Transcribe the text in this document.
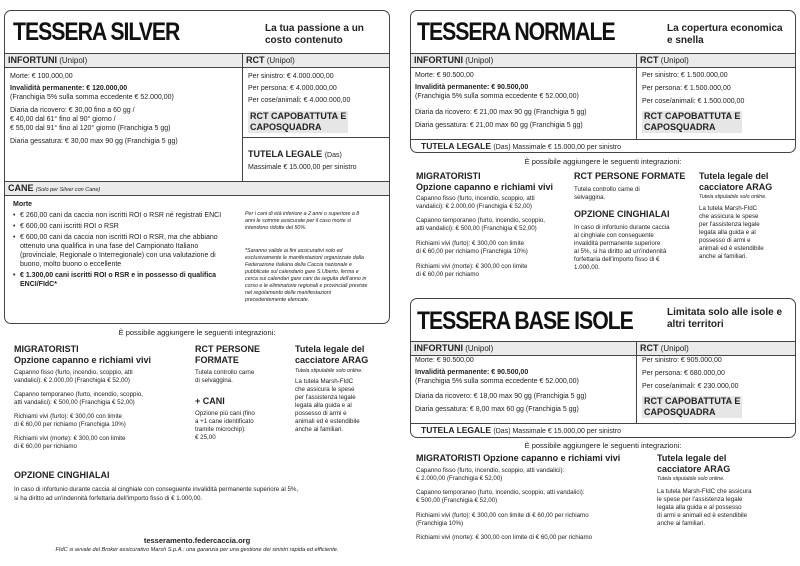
TESSERA SILVER	La tua passione a un costo contenuto
INFORTUNI (Unipol)	RCT (Unipol)
Morte: € 100.000,00
Invalidità permanente: € 120.000,00
(Franchigia 5% sulla somma eccedente € 52.000,00)
Diaria da ricovero: € 30,00 fino a 60 gg /
€ 40,00 dal 61° fino al 90° giorno /
€ 55,00 dal 91° fino al 120° giorno (Franchigia 5 gg)
Diaria gessatura: € 30,00 max 90 gg (Franchigia 5 gg)
Per sinistro: € 4.000.000,00
Per persona: € 4.000.000,00
Per cose/animali: € 4.000.000,00
RCT CAPOBATTUTA E
CAPOSQUADRA
TUTELA LEGALE (Das)
Massimale € 15.000,00 per sinistro
CANE (Solo per Silver con Cane)
Morte
• € 260,00 cani da caccia non iscritti ROI o RSR né registrati ENCI
• € 600,00 cani iscritti ROI o RSR
• € 600,00 cani da caccia non iscritti ROI o RSR, ma che abbiano ottenuto una qualifica in una fase del Campionato Italiano (provinciale, Regionale o Interregionale) con una valutazione di buono, molto buono o eccellente
• € 1.300,00 cani iscritti ROI o RSR e in possesso di qualifica ENCI/FIdC*
Per i cani di età inferiore a 2 anni o superiore a 8 anni le somme assicurate per il caso morte si intendono ridotte del 50%.
*Saranno valide ai fini assicurativi solo ed esclusivamente le manifestazioni organizzate dalla Federazione Italiana della Caccia nazionale e pubblicate sul calendario gare S.Uberto, ferma e cerca sui calendari gare cani da seguita dell'anno in corso e le eliminatorie regionali e provinciali previste nel regolamento delle manifestazioni precedentemente elencate.
È possibile aggiungere le seguenti integrazioni:
MIGRATORISTI
Opzione capanno e richiami vivi
Capanno fisso (furto, incendio, scoppio, atti
vandalici): € 2.000,00 (Franchigia € 52,00)
Capanno temporaneo (furto, incendio, scoppio,
atti vandalici): € 500,00 (Franchigia € 52,00)
Richiami vivi (furto): € 300,00 con limite
di € 60,00 per richiamo (Franchigia 10%)
Richiami vivi (morte): € 300,00 con limite
di € 60,00 per richiamo
RCT PERSONE
FORMATE
Tutela controllo carne
di selvaggina.
+ CANI
Opzione più cani (fino
a +1 cane identificato
tramite microchip):
€ 25,00
Tutela legale del
cacciatore ARAG
Tutela stipulabile solo online.
La tutela Marsh-FIdC
che assicura le spese
per l'assistenza legale
legata alla guida e al
possesso di armi e
animali ed è estendibile
anche ai familiari.
OPZIONE CINGHIALAI
In caso di infortunio durante caccia al cinghiale con conseguente invalidità permanente superiore al 5%,
si ha diritto ad un'indennità forfettaria dell'importo fisso di € 1.000,00.
tesseramento.federcaccia.org
FIdC si avvale del Broker assicurativo Marsh S.p.A.: una garanzia per una gestione dei sinistri rapida ed efficiente.
TESSERA NORMALE	La copertura economica e snella
INFORTUNI (Unipol)	RCT (Unipol)
Morte: € 90.500,00
Invalidità permanente: € 90.500,00
(Franchigia 5% sulla somma eccedente € 52.000,00)
Diaria da ricovero: € 21,00 max 90 gg (Franchigia 5 gg)
Diaria gessatura: € 21,00 max 60 gg (Franchigia 5 gg)
Per sinistro: € 1.500.000,00
Per persona: € 1.500.000,00
Per cose/animali: € 1.500.000,00
RCT CAPOBATTUTA E
CAPOSQUADRA
TUTELA LEGALE (Das) Massimale € 15.000,00 per sinistro
È possibile aggiungere le seguenti integrazioni:
MIGRATORISTI
Opzione capanno e richiami vivi
Capanno fisso (furto, incendio, scoppio, atti
vandalici): € 2.000,00 (Franchigia € 52,00)
Capanno temporaneo (furto, incendio, scoppio,
atti vandalici): € 500,00 (Franchigia € 52,00)
Richiami vivi (furto): € 300,00 con limite
di € 60,00 per richiamo (Franchigia 10%)
Richiami vivi (morte): € 300,00 con limite
di € 60,00 per richiamo
RCT PERSONE FORMATE
Tutela controllo carne di
selvaggina.
OPZIONE CINGHIALAI
In caso di infortunio durante caccia
al cinghiale con conseguente
invalidità permanente superiore
al 5%, si ha diritto ad un'indennità
forfettaria dell'importo fisso di €
1.000,00.
Tutela legale del
cacciatore ARAG
Tutela stipulabile solo online.
La tutela Marsh-FIdC
che assicura le spese
per l'assistenza legale
legata alla guida e al
possesso di armi e
animali ed è estendibile
anche ai familiari.
TESSERA BASE ISOLE	Limitata solo alle isole e altri territori
INFORTUNI (Unipol)	RCT (Unipol)
Morte: € 90.500,00
Invalidità permanente: € 90.500,00
(Franchigia 5% sulla somma eccedente € 52.000,00)
Diaria da ricovero: € 18,00 max 90 gg (Franchigia 5 gg)
Diaria gessatura: € 8,00 max 60 gg (Franchigia 5 gg)
Per sinistro: € 905.000,00
Per persona: € 680.000,00
Per cose/animali: € 230.000,00
RCT CAPOBATTUTA E
CAPOSQUADRA
TUTELA LEGALE (Das) Massimale € 15.000,00 per sinistro
È possibile aggiungere le seguenti integrazioni:
MIGRATORISTI Opzione capanno e richiami vivi
Capanno fisso (furto, incendio, scoppio, atti vandalici):
€ 2.000,00 (Franchigia € 52,00)
Capanno temporaneo (furto, incendio, scoppio, atti vandalici):
€ 500,00 (Franchigia € 52,00)
Richiami vivi (furto): € 300,00 con limite di € 60,00 per richiamo
(Franchigia 10%)
Richiami vivi (morte): € 300,00 con limite di € 60,00 per richiamo
Tutela legale del
cacciatore ARAG
Tutela stipulabile solo online.
La tutela Marsh-FIdC che assicura
le spese per l'assistenza legale
legata alla guida e al possesso
di armi e animali ed è estendibile
anche ai familiari.
